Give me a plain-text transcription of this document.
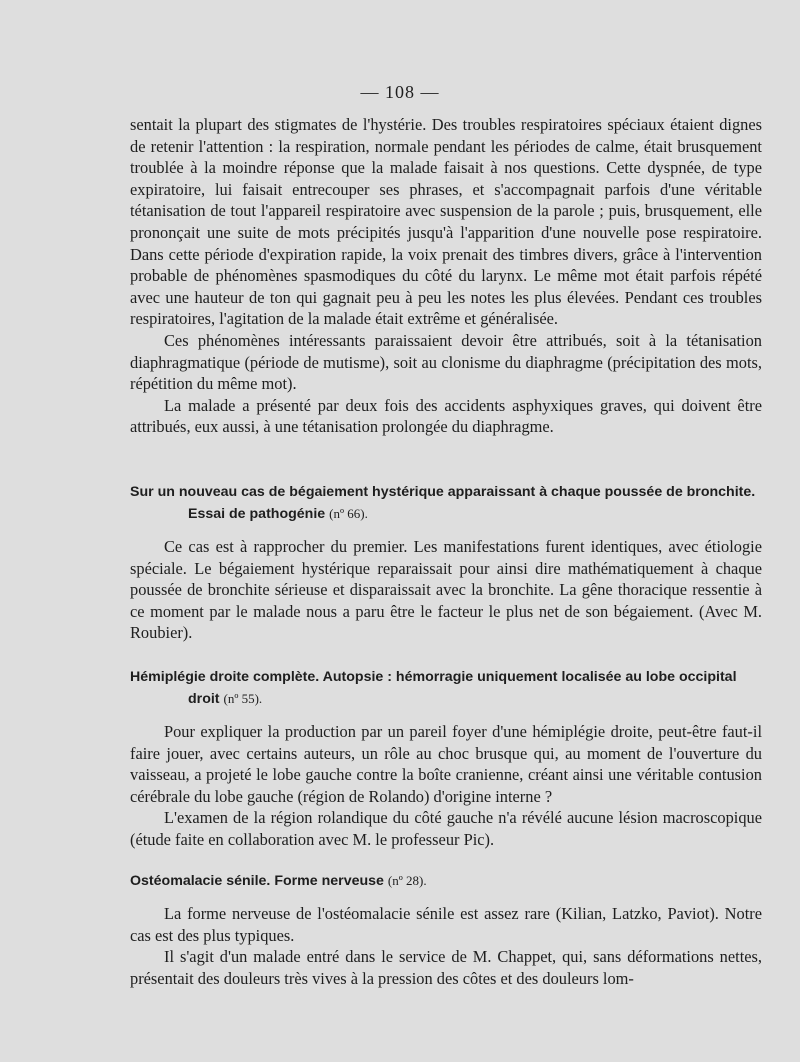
— 108 —

sentait la plupart des stigmates de l'hystérie. Des troubles respiratoires spéciaux étaient dignes de retenir l'attention : la respiration, normale pendant les périodes de calme, était brusquement troublée à la moindre réponse que la malade faisait à nos questions. Cette dyspnée, de type expiratoire, lui faisait entrecouper ses phrases, et s'accompagnait parfois d'une véritable tétanisation de tout l'appareil respiratoire avec suspension de la parole ; puis, brusquement, elle prononçait une suite de mots précipités jusqu'à l'apparition d'une nouvelle pose respiratoire. Dans cette période d'expiration rapide, la voix prenait des timbres divers, grâce à l'intervention probable de phénomènes spasmodiques du côté du larynx. Le même mot était parfois répété avec une hauteur de ton qui gagnait peu à peu les notes les plus élevées. Pendant ces troubles respiratoires, l'agitation de la malade était extrême et généralisée.

Ces phénomènes intéressants paraissaient devoir être attribués, soit à la tétanisation diaphragmatique (période de mutisme), soit au clonisme du diaphragme (précipitation des mots, répétition du même mot).

La malade a présenté par deux fois des accidents asphyxiques graves, qui doivent être attribués, eux aussi, à une tétanisation prolongée du diaphragme.

Sur un nouveau cas de bégaiement hystérique apparaissant à chaque poussée de bronchite. Essai de pathogénie (nº 66).

Ce cas est à rapprocher du premier. Les manifestations furent identiques, avec étiologie spéciale. Le bégaiement hystérique reparaissait pour ainsi dire mathématiquement à chaque poussée de bronchite sérieuse et disparaissait avec la bronchite. La gêne thoracique ressentie à ce moment par le malade nous a paru être le facteur le plus net de son bégaiement. (Avec M. Roubier).

Hémiplégie droite complète. Autopsie : hémorragie uniquement localisée au lobe occipital droit (nº 55).

Pour expliquer la production par un pareil foyer d'une hémiplégie droite, peut-être faut-il faire jouer, avec certains auteurs, un rôle au choc brusque qui, au moment de l'ouverture du vaisseau, a projeté le lobe gauche contre la boîte cranienne, créant ainsi une véritable contusion cérébrale du lobe gauche (région de Rolando) d'origine interne ?

L'examen de la région rolandique du côté gauche n'a révélé aucune lésion macroscopique (étude faite en collaboration avec M. le professeur Pic).

Ostéomalacie sénile. Forme nerveuse (nº 28).

La forme nerveuse de l'ostéomalacie sénile est assez rare (Kilian, Latzko, Paviot). Notre cas est des plus typiques.

Il s'agit d'un malade entré dans le service de M. Chappet, qui, sans déformations nettes, présentait des douleurs très vives à la pression des côtes et des douleurs lom-
